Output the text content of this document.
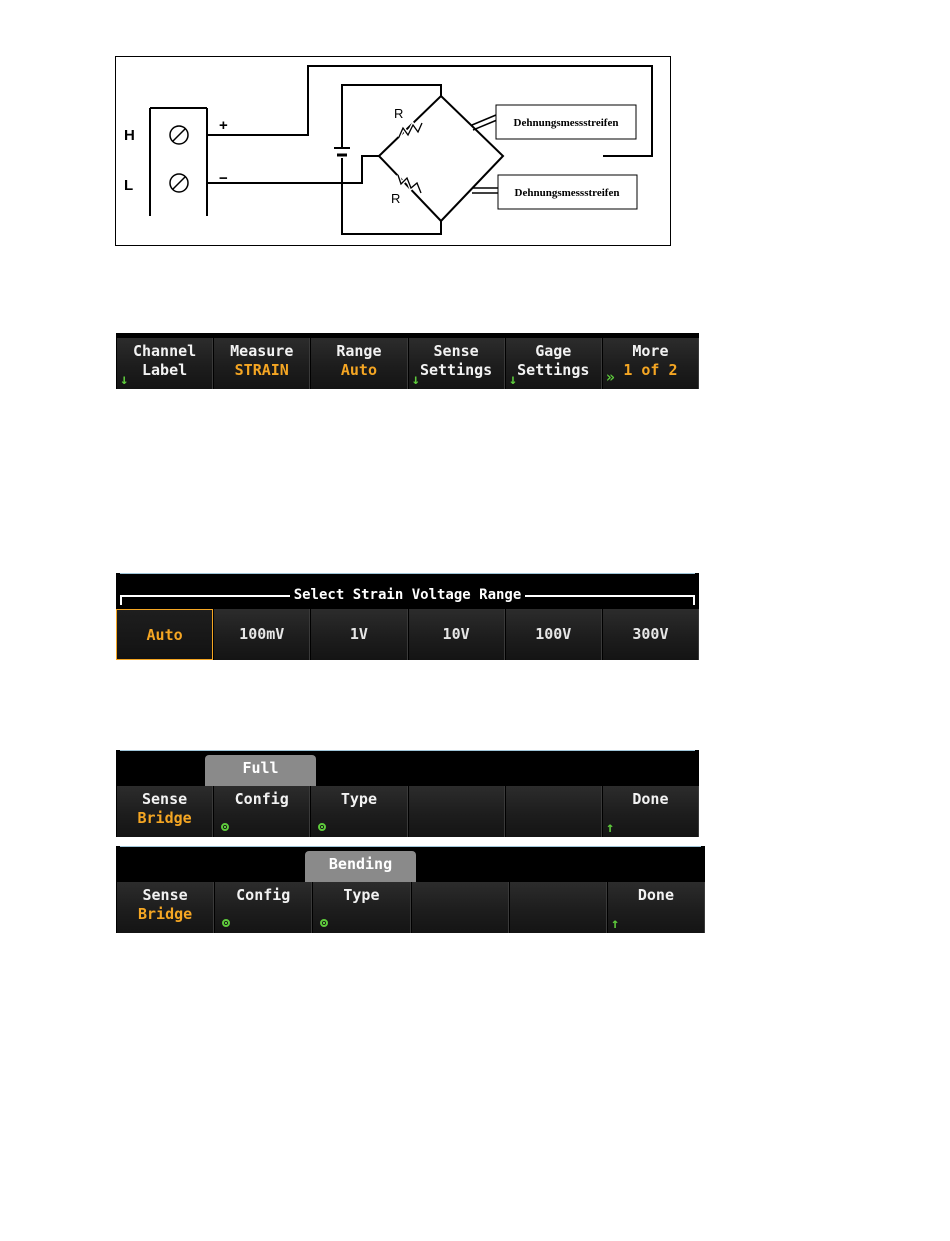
H
L
+
−
R
R
Dehnungsmessstreifen
Dehnungsmessstreifen
Channel
Label
↓
Measure
STRAIN
Range
Auto
Sense
Settings
↓
Gage
Settings
↓
More
1 of 2
»
Select Strain Voltage Range
Auto	100mV	1V	10V	100V	300V
Full
Sense
Bridge
Config	Type	Done
↑
Bending
Sense
Bridge
Config	Type	Done
↑
